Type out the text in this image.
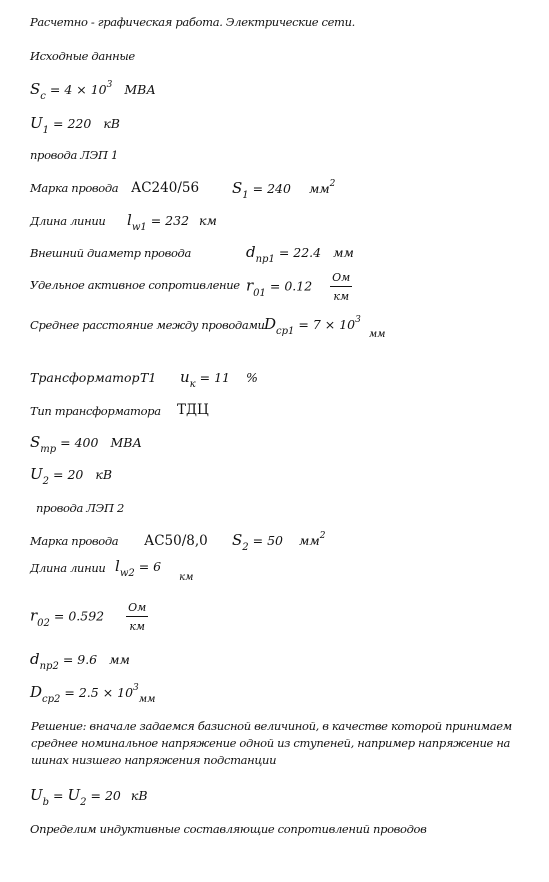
Расчетно - графическая работа. Электрические сети.
Исходные данные
$S_c = 4 \times 10^3$ МВА
$U_1 = 220$ кВ
провода ЛЭП 1
Марка провода АС240/56 $S_1 = 240$ $мм^2$
Длина линии $l_{w1} = 232$ км
Внешний диаметр провода	$d_{пр1} = 22.4$ мм
Удельное активное сопротивление $r_{01} = 0.12 \frac{Ом}{км}$
Среднее расстояние между проводами $D_{ср1} = 7 \times 10^3$ $_{мм}$
Трансформатор T1 $u_к = 11$ %
Тип трансформатора ТДЦ
$S_{тр} = 400$ МВА
$U_2 = 20$ кВ
провода ЛЭП 2
Марка провода АС50/8,0 $S_2 = 50$ $мм^2$
Длина линии $l_{w2} = 6$ $_{км}$
$r_{02} = 0.592 \frac{Ом}{км}$
$d_{пр2} = 9.6$ мм
$D_{ср2} = 2.5 \times 10^3_{мм}$
Решение: вначале задаемся базисной величиной, в качестве которой принимаем среднее номинальное напряжение одной из ступеней, например напряжение на шинах низшего напряжения подстанции
$U_b = U_2 = 20$ кВ
Определим индуктивные составляющие сопротивлений проводов
